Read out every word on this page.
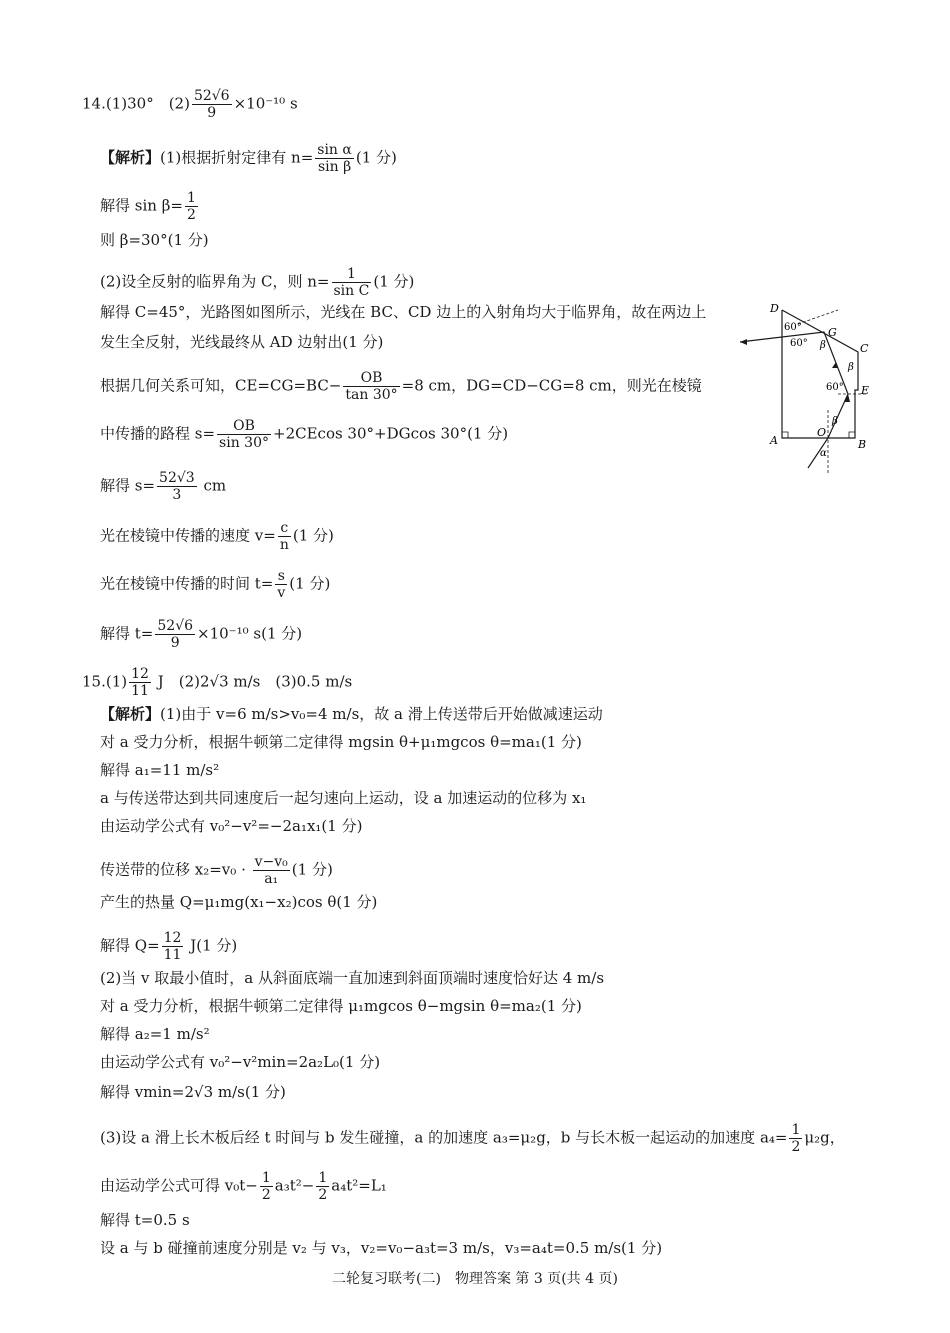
14.(1)30°　$(2) \frac{52√6}{9} \times 10^{-10}$ s
【解析】(1)根据折射定律有 $n= \frac{\text{sin α}}{\text{sin β}} (1$ 分)
解得 $\sin \beta= \frac{1}{2}$
则 β=30°(1 分)
(2)设全反射的临界角为 C，则 $n= \frac{1}{\text{sin C}} (1$ 分)
解得 C=45°，光路图如图所示，光线在 BC、CD 边上的入射角均大于临界角，故在两边上
发生全反射，光线最终从 AD 边射出(1 分)
根据几何关系可知，$CE=CG=BC- \frac{OB}{\tan 30^\circ} =8$ cm，DG=CD−CG=8 cm，则光在棱镜
中传播的路程 $s= \frac{OB}{\sin 30^\circ} +2CEcos$ 30°+DGcos 30°(1 分)
解得 $s= \frac{52√3}{3}$ cm
光在棱镜中传播的速度 $v= \frac{c}{n} (1$ 分)
光在棱镜中传播的时间 $t= \frac{s}{v} (1$ 分)
解得 $t= \frac{52√6}{9} \times 10^{-10}$ s(1 分)
D
G
C
E
A	B
O
60°
60°
60°
β
β
β
α
$15.(1) \frac{12}{11}$ J　(2)2√3 m/s　(3)0.5 m/s
【解析】(1)由于 v=6 m/s>v₀=4 m/s，故 a 滑上传送带后开始做减速运动
对 a 受力分析，根据牛顿第二定律得 mgsin θ+μ₁mgcos θ=ma₁(1 分)
解得 a₁=11 m/s²
a 与传送带达到共同速度后一起匀速向上运动，设 a 加速运动的位移为 x₁
由运动学公式有 v₀²−v²=−2a₁x₁(1 分)
传送带的位移 $x_2=v_0 \cdot \frac{\text{v−v₀}}{\text{a₁}} (1$ 分)
产生的热量 Q=μ₁mg(x₁−x₂)cos θ(1 分)
解得 $Q= \frac{12}{11} J(1$ 分)
(2)当 v 取最小值时，a 从斜面底端一直加速到斜面顶端时速度恰好达 4 m/s
对 a 受力分析，根据牛顿第二定律得 μ₁mgcos θ−mgsin θ=ma₂(1 分)
解得 a₂=1 m/s²
由运动学公式有 v₀²−v²min=2a₂L₀(1 分)
解得 vmin=2√3 m/s(1 分)
(3)设 a 滑上长木板后经 t 时间与 b 发生碰撞，a 的加速度 a₃=μ₂g，b 与长木板一起运动的加速度 $a_4= \frac{1}{2} \mu_2g$，
由运动学公式可得 $v_0t- \frac{1}{2} a_3t^2- \frac{1}{2} a_4t^2=L_1$
解得 t=0.5 s
设 a 与 b 碰撞前速度分别是 v₂ 与 v₃，v₂=v₀−a₃t=3 m/s，v₃=a₄t=0.5 m/s(1 分)
二轮复习联考(二)　物理答案 第 3 页(共 4 页)
